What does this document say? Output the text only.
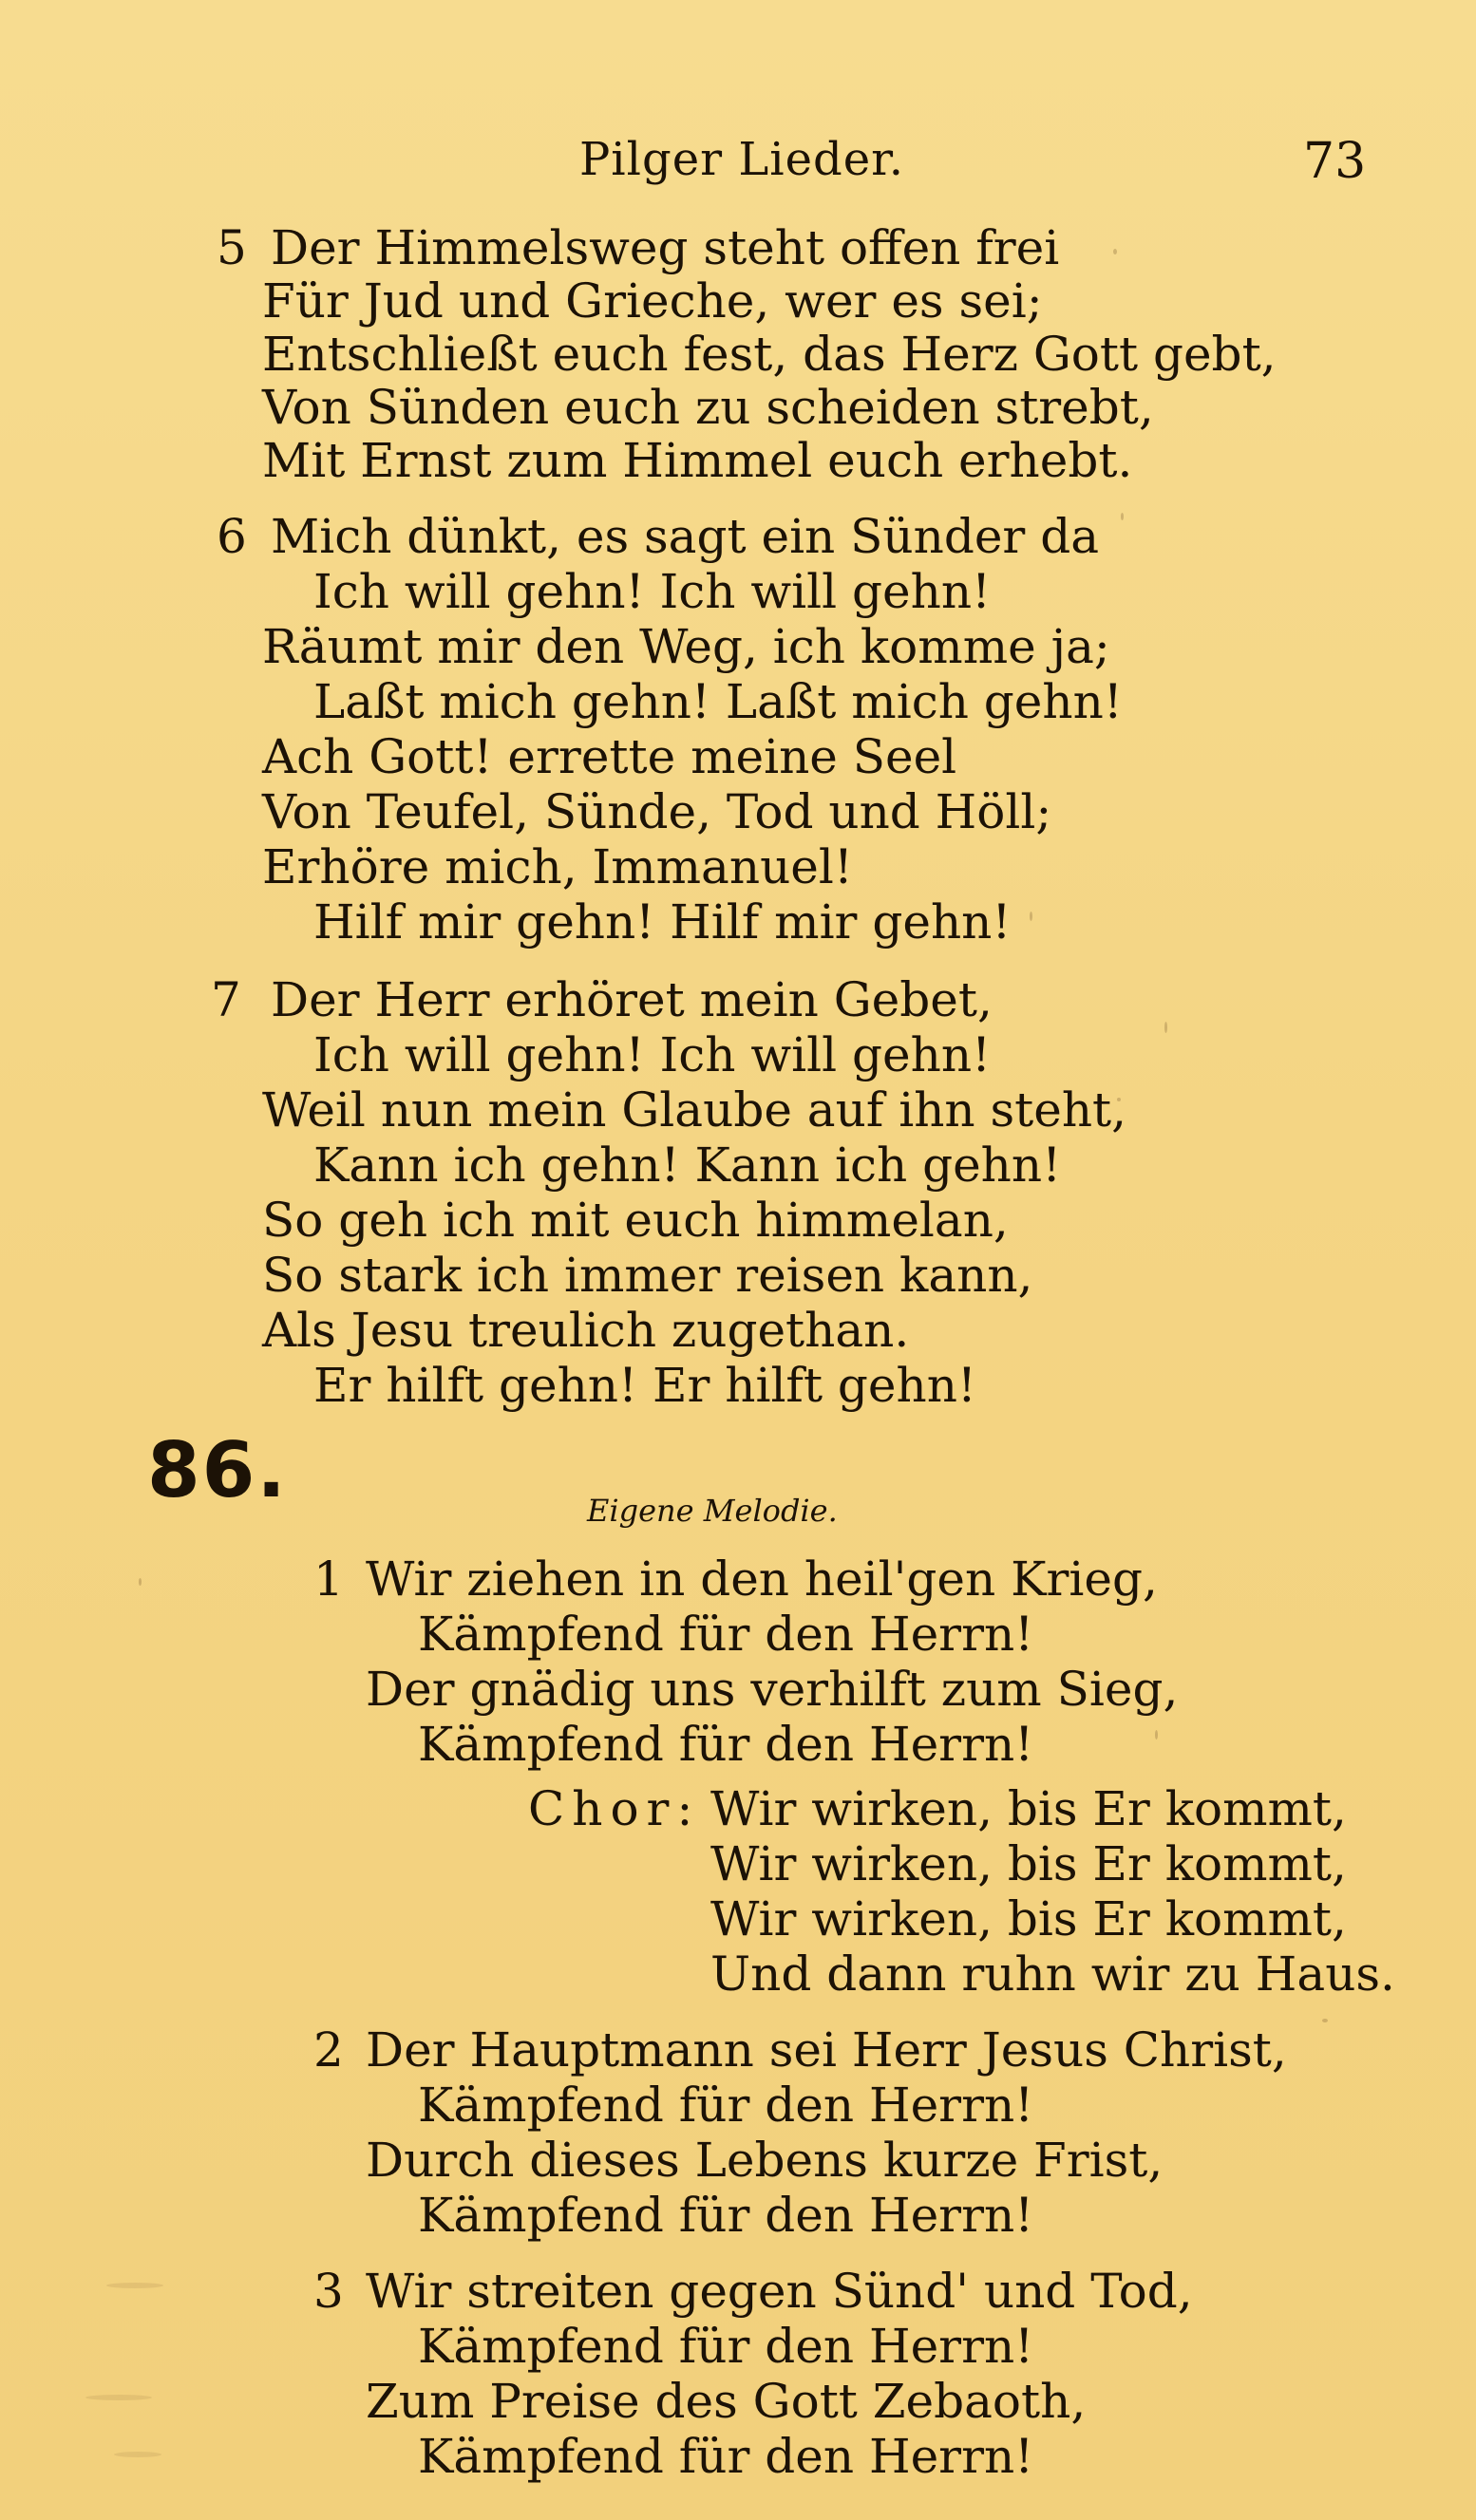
Pilger Lieder.	73
5 Der Himmelsweg steht offen frei
Für Jud und Grieche, wer es sei;
Entschließt euch fest, das Herz Gott gebt,
Von Sünden euch zu scheiden strebt,
Mit Ernst zum Himmel euch erhebt.
6 Mich dünkt, es sagt ein Sünder da
Ich will gehn! Ich will gehn!
Räumt mir den Weg, ich komme ja;
Laßt mich gehn! Laßt mich gehn!
Ach Gott! errette meine Seel
Von Teufel, Sünde, Tod und Höll;
Erhöre mich, Immanuel!
Hilf mir gehn! Hilf mir gehn!
7 Der Herr erhöret mein Gebet,
Ich will gehn! Ich will gehn!
Weil nun mein Glaube auf ihn steht,
Kann ich gehn! Kann ich gehn!
So geh ich mit euch himmelan,
So stark ich immer reisen kann,
Als Jesu treulich zugethan.
Er hilft gehn! Er hilft gehn!
86.	Eigene Melodie.
1 Wir ziehen in den heil'gen Krieg,
Kämpfend für den Herrn!
Der gnädig uns verhilft zum Sieg,
Kämpfend für den Herrn!
Chor: Wir wirken, bis Er kommt,
Wir wirken, bis Er kommt,
Wir wirken, bis Er kommt,
Und dann ruhn wir zu Haus.
2 Der Hauptmann sei Herr Jesus Christ,
Kämpfend für den Herrn!
Durch dieses Lebens kurze Frist,
Kämpfend für den Herrn!
3 Wir streiten gegen Sünd' und Tod,
Kämpfend für den Herrn!
Zum Preise des Gott Zebaoth,
Kämpfend für den Herrn!
